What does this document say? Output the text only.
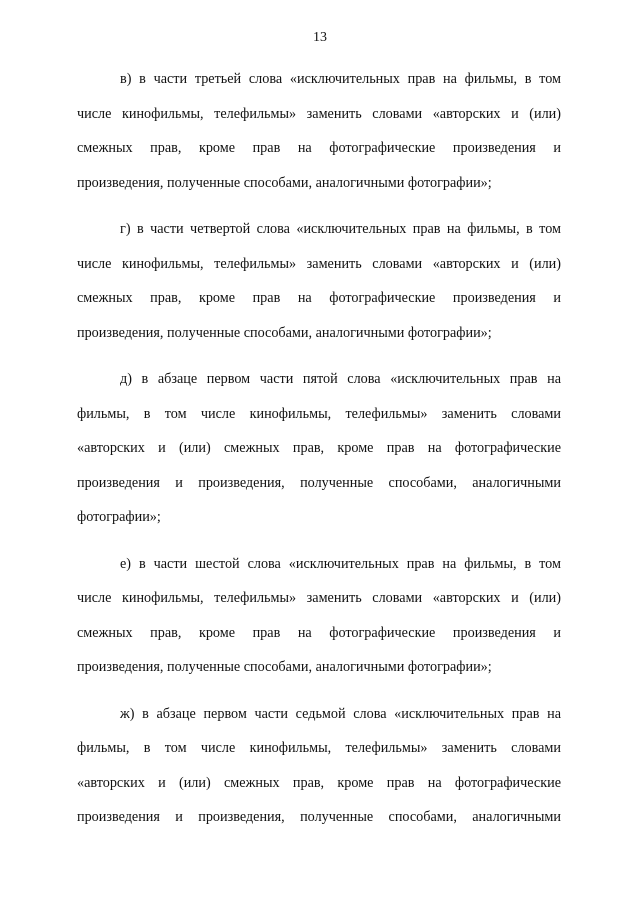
13
в) в части третьей слова «исключительных прав на фильмы, в том
числе кинофильмы, телефильмы» заменить словами «авторских и (или)
смежных прав, кроме прав на фотографические произведения и
произведения, полученные способами, аналогичными фотографии»;
г) в части четвертой слова «исключительных прав на фильмы, в том
числе кинофильмы, телефильмы» заменить словами «авторских и (или)
смежных прав, кроме прав на фотографические произведения и
произведения, полученные способами, аналогичными фотографии»;
д) в абзаце первом части пятой слова «исключительных прав на
фильмы, в том числе кинофильмы, телефильмы» заменить словами
«авторских и (или) смежных прав, кроме прав на фотографические
произведения и произведения, полученные способами, аналогичными
фотографии»;
е) в части шестой слова «исключительных прав на фильмы, в том
числе кинофильмы, телефильмы» заменить словами «авторских и (или)
смежных прав, кроме прав на фотографические произведения и
произведения, полученные способами, аналогичными фотографии»;
ж) в абзаце первом части седьмой слова «исключительных прав на
фильмы, в том числе кинофильмы, телефильмы» заменить словами
«авторских и (или) смежных прав, кроме прав на фотографические
произведения и произведения, полученные способами, аналогичными
